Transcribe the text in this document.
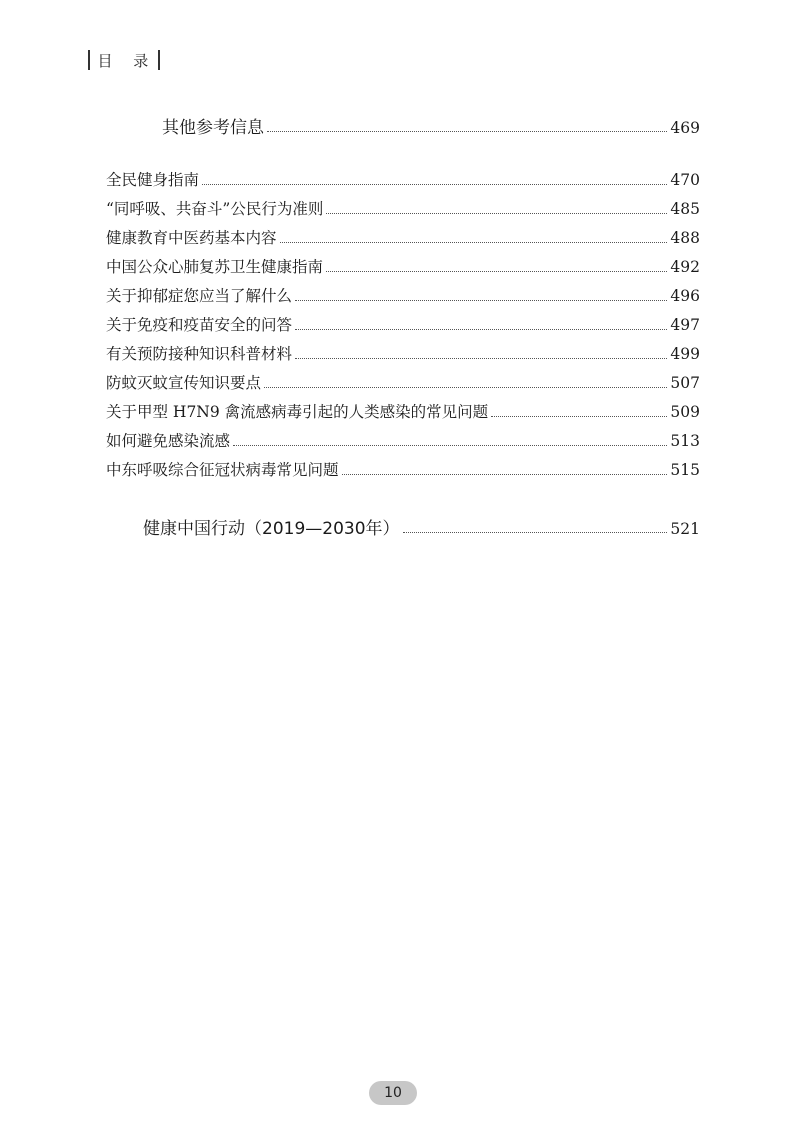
目 录
其他参考信息	469
全民健身指南	470
“同呼吸、共奋斗”公民行为准则	485
健康教育中医药基本内容	488
中国公众心肺复苏卫生健康指南	492
关于抑郁症您应当了解什么	496
关于免疫和疫苗安全的问答	497
有关预防接种知识科普材料	499
防蚊灭蚊宣传知识要点	507
关于甲型 H7N9 禽流感病毒引起的人类感染的常见问题	509
如何避免感染流感	513
中东呼吸综合征冠状病毒常见问题	515
健康中国行动（2019—2030年）	521
10
